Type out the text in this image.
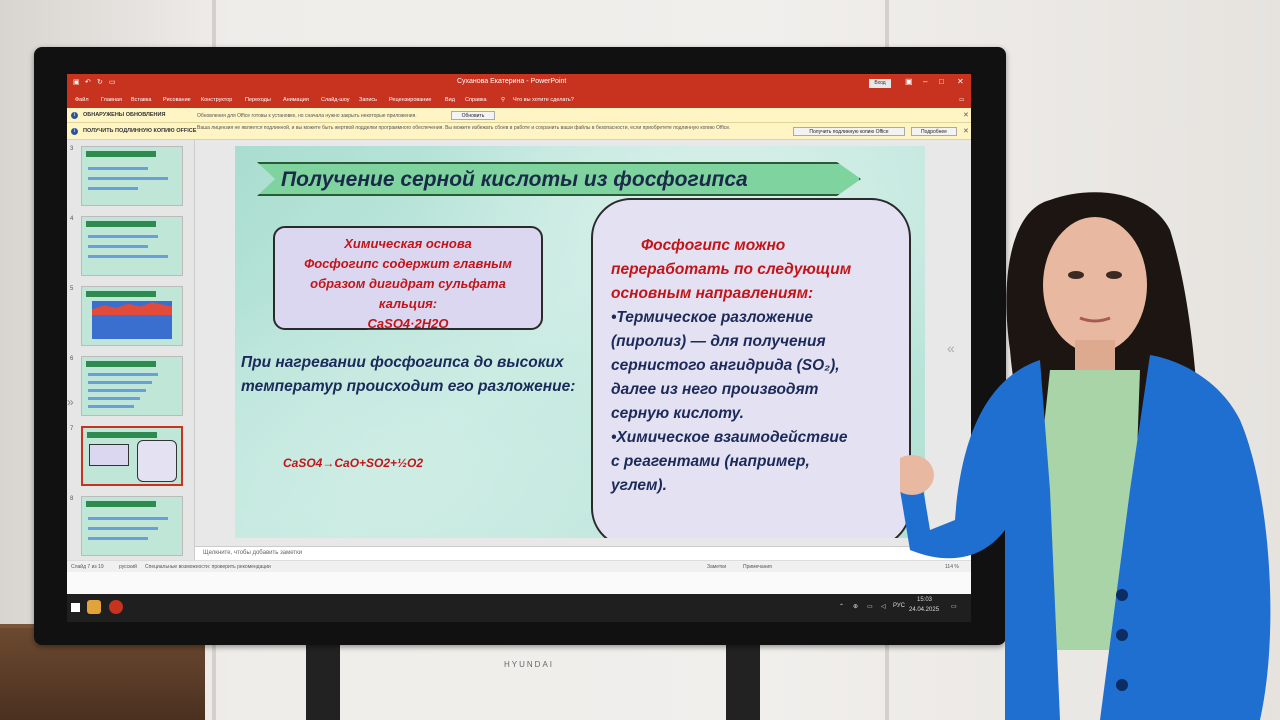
HYUNDAI
▣ ↶ ↻ ▭	Суханова Екатерина - PowerPoint	Вход	▣ – □ ✕
Файл Главная Вставка Рисование Конструктор Переходы Анимация Слайд-шоу Запись Рецензирование Вид Справка	⚲ Что вы хотите сделать?	▭
i	ОБНАРУЖЕНЫ ОБНОВЛЕНИЯ	Обновления для Office готовы к установке, но сначала нужно закрыть некоторые приложения.	Обновить	✕
i	ПОЛУЧИТЬ ПОДЛИННУЮ КОПИЮ OFFICE Ваша лицензия не является подлинной, и вы можете быть жертвой подделки программного обеспечения. Вы можете избежать сбоев в работе и сохранить ваши файлы в безопасности, если приобретете подлинную копию Office.
Получить подлинную копию Office	Подробнее	✕
3
4
5
6
7
8
»
Получение серной кислоты из фосфогипса
Химическая основа
Фосфогипс содержит главным
образом дигидрат сульфата
кальция:
CaSO4·2H2O
При нагревании фосфогипса до высоких температур происходит его разложение:
CaSO4→CaO+SO2+½O2
Фосфогипс можно
переработать по следующим
основным направлениям:
•Термическое разложение
(пиролиз) — для получения
сернистого ангидрида (SO₂),
далее из него производят
серную кислоту.
•Химическое взаимодействие
с реагентами (например,
углем).
«
Щелкните, чтобы добавить заметки
Слайд 7 из 19	русский Специальные возможности: проверить рекомендации	Заметки	Примечания	114 %
⌃ ⊕ ▭ ◁ РУС
15:03
24.04.2025 ▭
